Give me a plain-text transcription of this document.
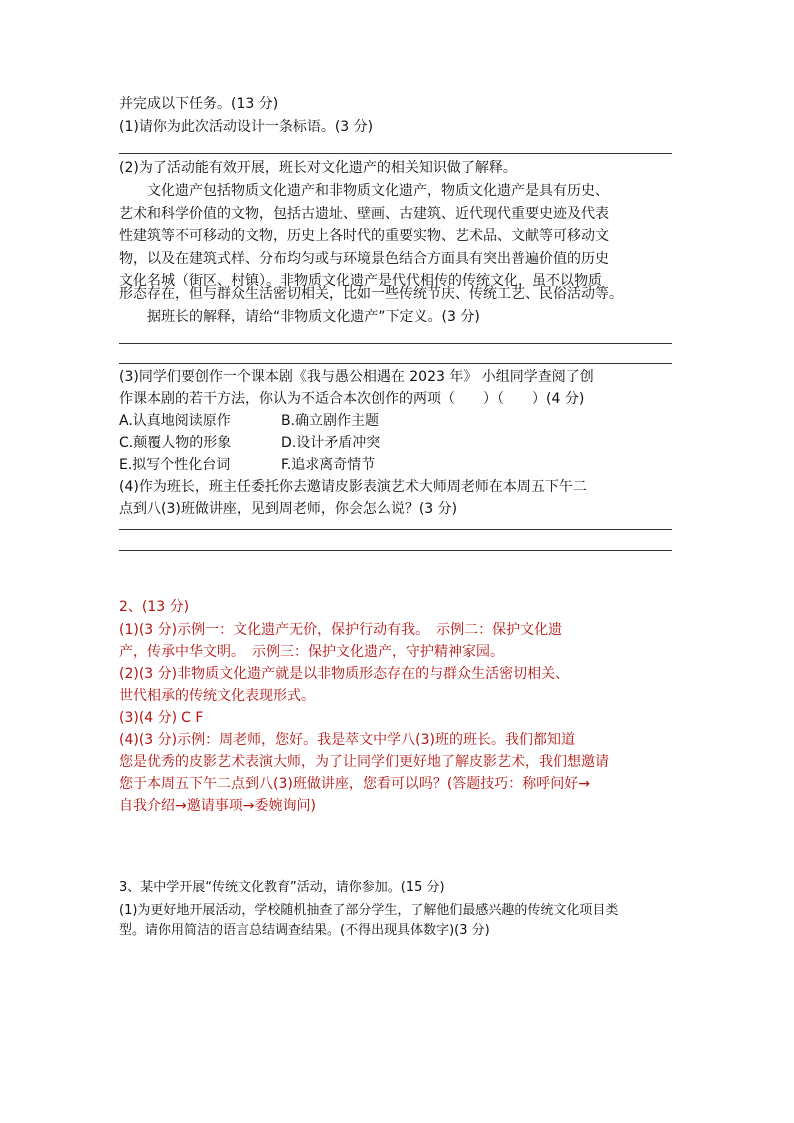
并完成以下任务。(13 分)
(1)请你为此次活动设计一条标语。(3 分)
(2)为了活动能有效开展，班长对文化遗产的相关知识做了解释。
文化遗产包括物质文化遗产和非物质文化遗产，物质文化遗产是具有历史、
艺术和科学价值的文物，包括古遗址、壁画、古建筑、近代现代重要史迹及代表
性建筑等不可移动的文物，历史上各时代的重要实物、艺术品、文献等可移动文
物，以及在建筑式样、分布均匀或与环境景色结合方面具有突出普遍价值的历史
文化名城（街区、村镇）。非物质文化遗产是代代相传的传统文化，虽不以物质
形态存在，但与群众生活密切相关，比如一些传统节庆、传统工艺、民俗活动等。
据班长的解释，请给“非物质文化遗产”下定义。(3 分)
(3)同学们要创作一个课本剧《我与愚公相遇在 2023 年》 小组同学查阅了创
作课本剧的若干方法，你认为不适合本次创作的两项（　　）（　　）(4 分)
A.认真地阅读原作	B.确立剧作主题
C.颠覆人物的形象	D.设计矛盾冲突
E.拟写个性化台词	F.追求离奇情节
(4)作为班长，班主任委托你去邀请皮影表演艺术大师周老师在本周五下午二
点到八(3)班做讲座，见到周老师，你会怎么说？(3 分)
2、(13 分)
(1)(3 分)示例一：文化遗产无价，保护行动有我。　示例二：保护文化遗
产，传承中华文明。　示例三：保护文化遗产，守护精神家园。
(2)(3 分)非物质文化遗产就是以非物质形态存在的与群众生活密切相关、
世代相承的传统文化表现形式。
(3)(4 分) C F
(4)(3 分)示例：周老师，您好。我是萃文中学八(3)班的班长。我们都知道
您是优秀的皮影艺术表演大师，为了让同学们更好地了解皮影艺术，我们想邀请
您于本周五下午二点到八(3)班做讲座，您看可以吗？(答题技巧：称呼问好→
自我介绍→邀请事项→委婉询问)
3、某中学开展“传统文化教育”活动，请你参加。(15 分)
(1)为更好地开展活动，学校随机抽查了部分学生，了解他们最感兴趣的传统文化项目类
型。请你用简洁的语言总结调查结果。(不得出现具体数字)(3 分)
